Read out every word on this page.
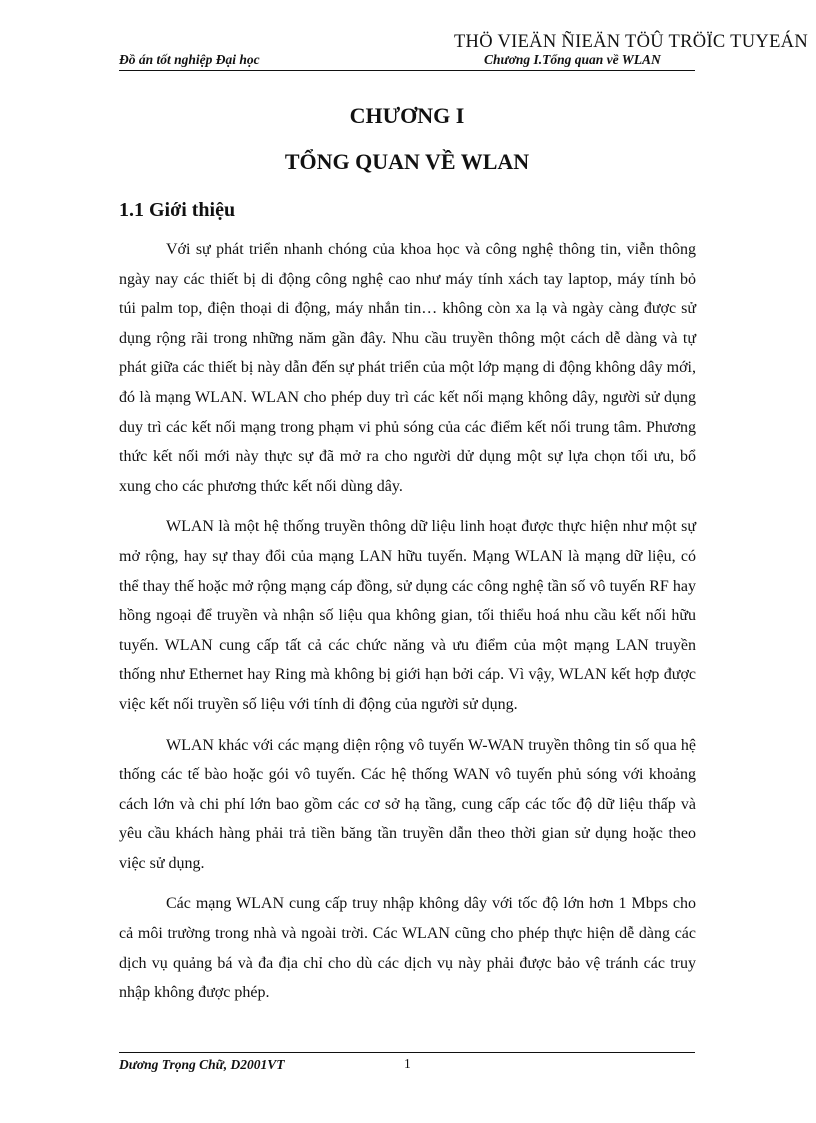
THÖ VIEÄN ÑIEÄN TÖÛ TRÖÏC TUYEÁN
Đồ án tốt nghiệp Đại học	Chương I.Tổng quan về WLAN
CHƯƠNG I
TỔNG QUAN VỀ WLAN
1.1 Giới thiệu

Với sự phát triển nhanh chóng của khoa học và công nghệ thông tin, viễn thông ngày nay các thiết bị di động công nghệ cao như máy tính xách tay laptop, máy tính bỏ túi palm top, điện thoại di động, máy nhắn tin… không còn xa lạ và ngày càng được sử dụng rộng rãi trong những năm gần đây. Nhu cầu truyền thông một cách dễ dàng và tự phát giữa các thiết bị này dẫn đến sự phát triển của một lớp mạng di động không dây mới, đó là mạng WLAN. WLAN cho phép duy trì các kết nối mạng không dây, người sử dụng duy trì các kết nối mạng trong phạm vi phủ sóng của các điểm kết nối trung tâm. Phương thức kết nối mới này thực sự đã mở ra cho người dử dụng một sự lựa chọn tối ưu, bổ xung cho các phương thức kết nối dùng dây.

WLAN là một hệ thống truyền thông dữ liệu linh hoạt được thực hiện như một sự mở rộng, hay sự thay đổi của mạng LAN hữu tuyến. Mạng WLAN là mạng dữ liệu, có thể thay thế hoặc mở rộng mạng cáp đồng, sử dụng các công nghệ tần số vô tuyến RF hay hồng ngoại để truyền và nhận số liệu qua không gian, tối thiểu hoá nhu cầu kết nối hữu tuyến. WLAN cung cấp tất cả các chức năng và ưu điểm của một mạng LAN truyền thống như Ethernet hay Ring mà không bị giới hạn bởi cáp. Vì vậy, WLAN kết hợp được việc kết nối truyền số liệu với tính di động của người sử dụng.

WLAN khác với các mạng diện rộng vô tuyến W-WAN truyền thông tin số qua hệ thống các tế bào hoặc gói vô tuyến. Các hệ thống WAN vô tuyến phủ sóng với khoảng cách lớn và chi phí lớn bao gồm các cơ sở hạ tầng, cung cấp các tốc độ dữ liệu thấp và yêu cầu khách hàng phải trả tiền băng tần truyền dẫn theo thời gian sử dụng hoặc theo việc sử dụng.

Các mạng WLAN cung cấp truy nhập không dây với tốc độ lớn hơn 1 Mbps cho cả môi trường trong nhà và ngoài trời. Các WLAN cũng cho phép thực hiện dễ dàng các dịch vụ quảng bá và đa địa chỉ cho dù các dịch vụ này phải được bảo vệ tránh các truy nhập không được phép.

Dương Trọng Chữ, D2001VT	1
